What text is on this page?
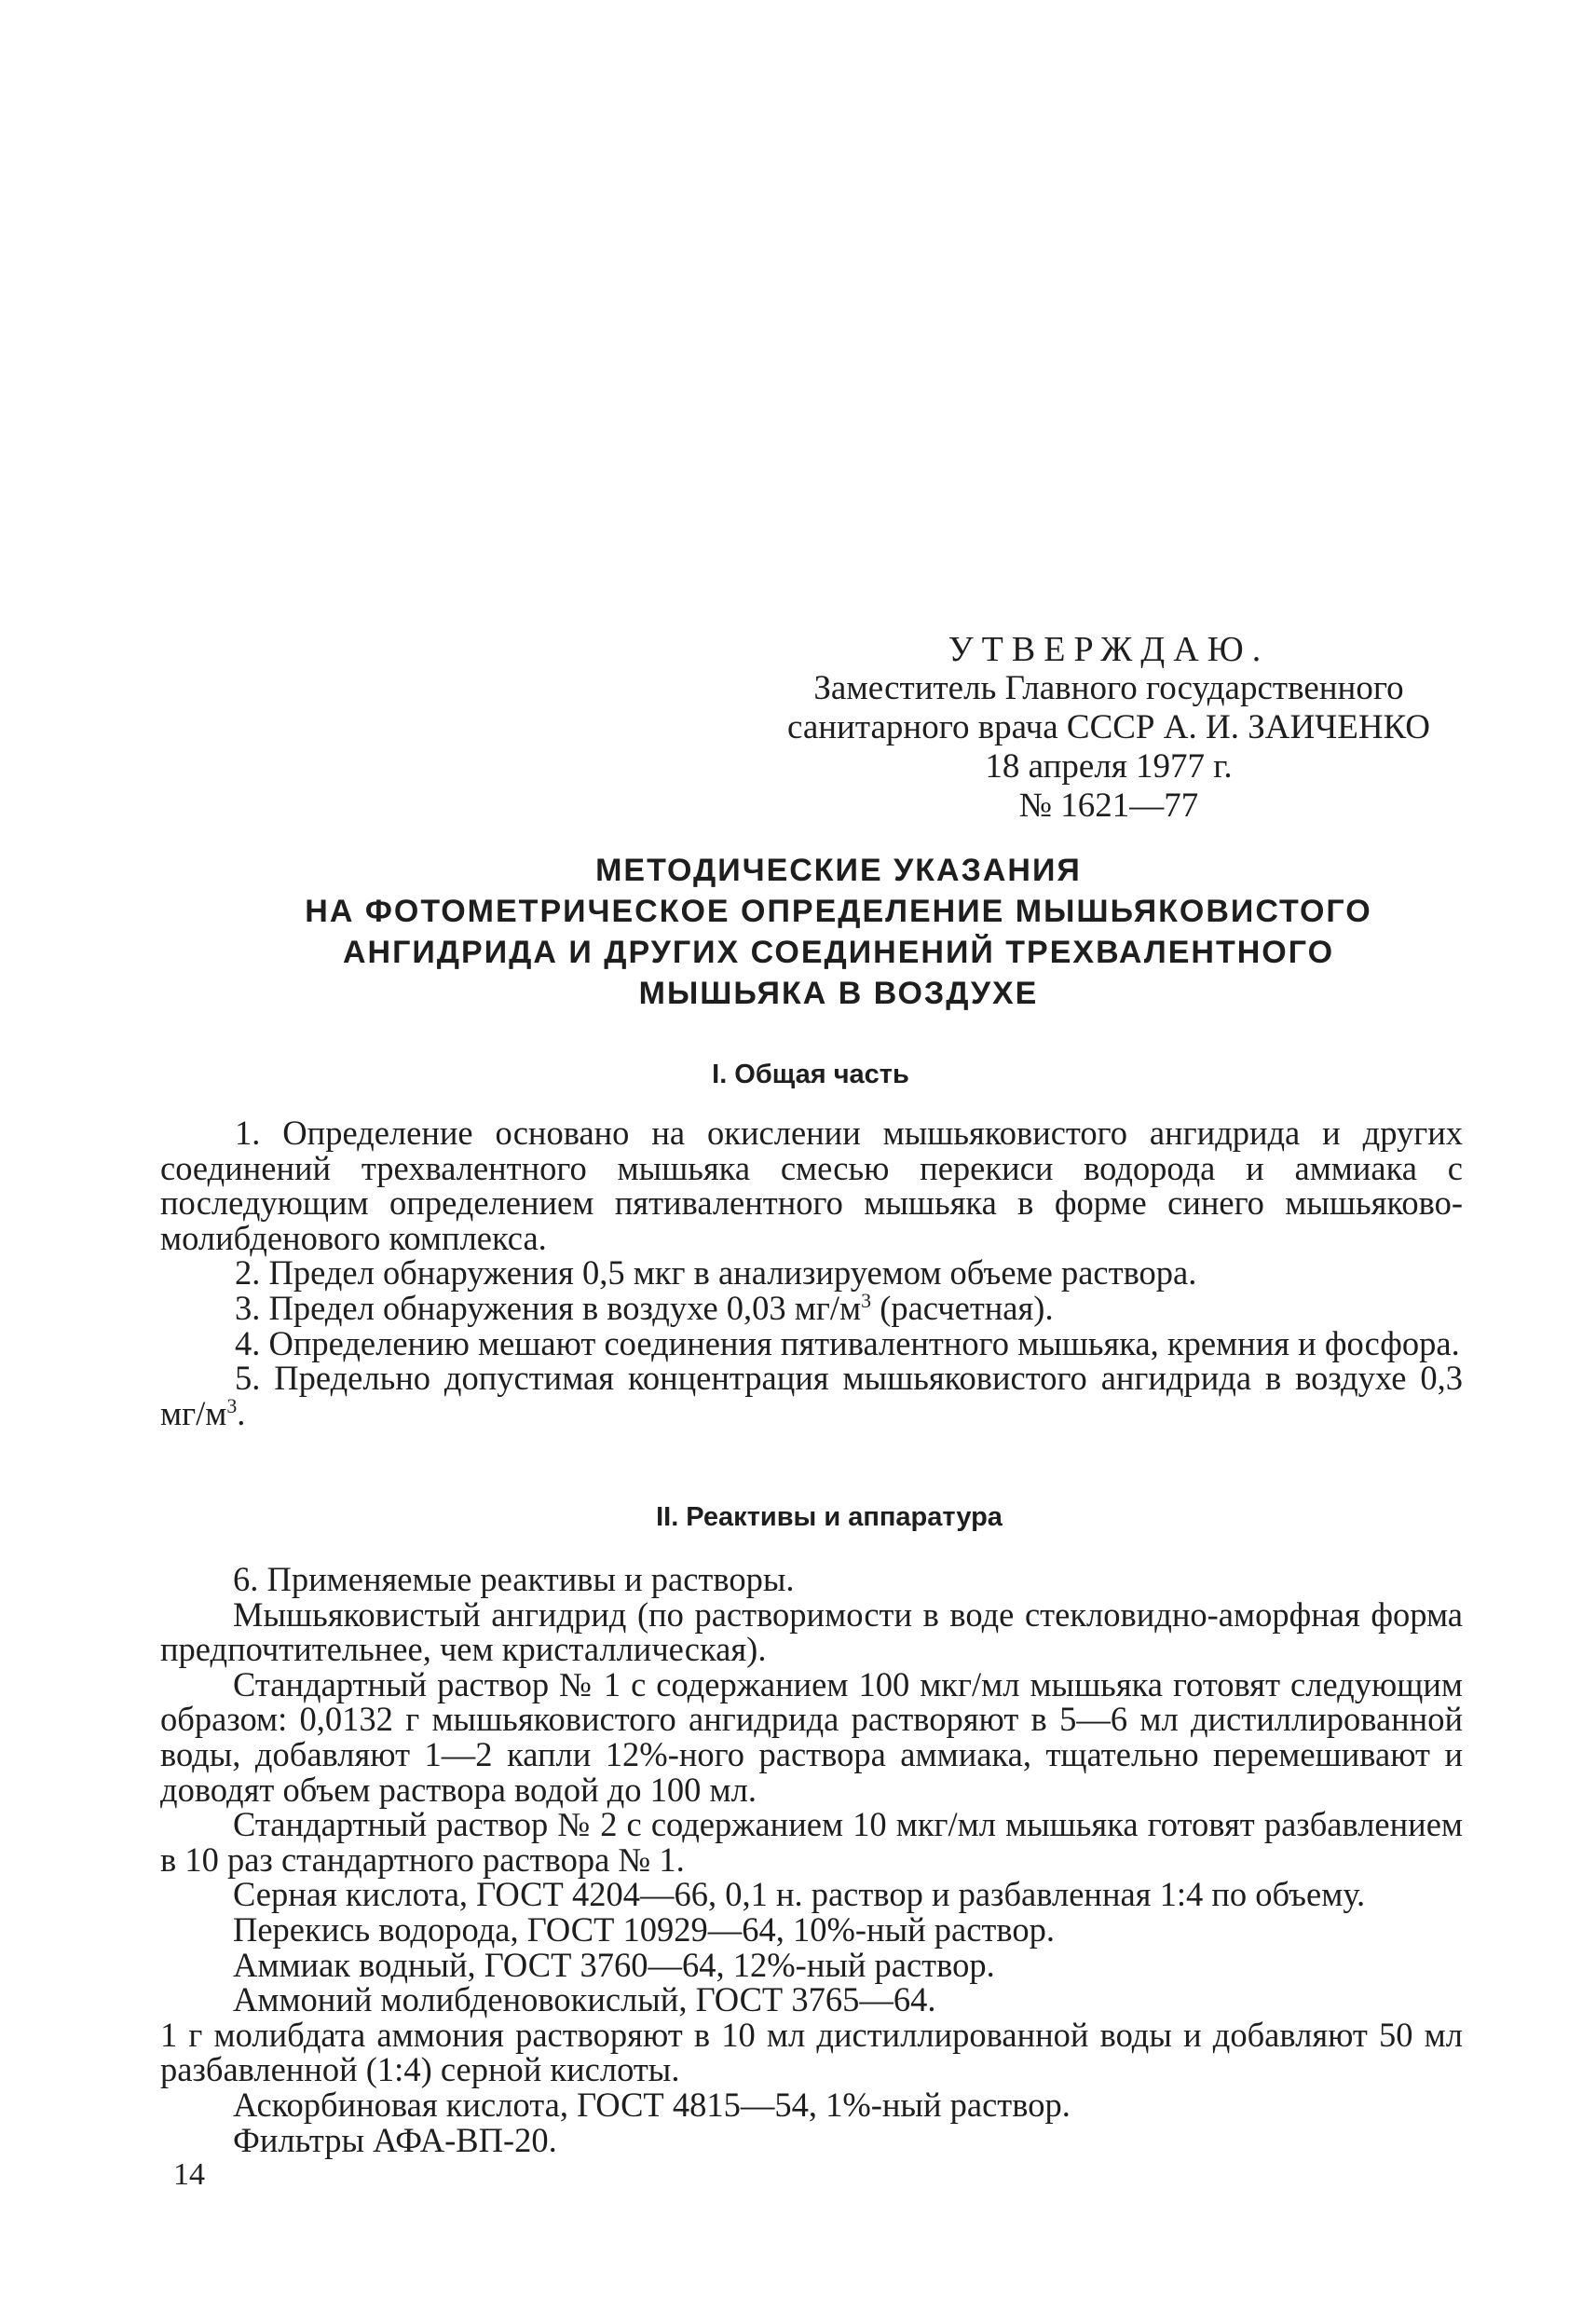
УТВЕРЖДАЮ.
Заместитель Главного государственного
санитарного врача СССР А. И. ЗАИЧЕНКО
18 апреля 1977 г.
№ 1621—77
МЕТОДИЧЕСКИЕ УКАЗАНИЯ
НА ФОТОМЕТРИЧЕСКОЕ ОПРЕДЕЛЕНИЕ МЫШЬЯКОВИСТОГО
АНГИДРИДА И ДРУГИХ СОЕДИНЕНИЙ ТРЕХВАЛЕНТНОГО
МЫШЬЯКА В ВОЗДУХЕ
I. Общая часть

1. Определение основано на окислении мышьяковистого ангидрида и других соединений трехвалентного мышьяка смесью перекиси водорода и аммиака с последующим определением пятивалентного мышьяка в форме синего мышьяково-молибденового комплекса.

2. Предел обнаружения 0,5 мкг в анализируемом объеме раствора.

3. Предел обнаружения в воздухе 0,03 $мг/м^3$ (расчетная).

4. Определению мешают соединения пятивалентного мышьяка, кремния и фосфора.

5. Предельно допустимая концентрация мышьяковистого ангидрида в воздухе 0,3 $мг/м^3$.

II. Реактивы и аппаратура

6. Применяемые реактивы и растворы.

Мышьяковистый ангидрид (по растворимости в воде стекловидно-аморфная форма предпочтительнее, чем кристаллическая).

Стандартный раствор № 1 с содержанием 100 мкг/мл мышьяка готовят следующим образом: 0,0132 г мышьяковистого ангидрида растворяют в 5—6 мл дистиллированной воды, добавляют 1—2 капли 12%-ного раствора аммиака, тщательно перемешивают и доводят объем раствора водой до 100 мл.

Стандартный раствор № 2 с содержанием 10 мкг/мл мышьяка готовят разбавлением в 10 раз стандартного раствора № 1.

Серная кислота, ГОСТ 4204—66, 0,1 н. раствор и разбавленная 1:4 по объему.

Перекись водорода, ГОСТ 10929—64, 10%-ный раствор.

Аммиак водный, ГОСТ 3760—64, 12%-ный раствор.

Аммоний молибденовокислый, ГОСТ 3765—64.

1 г молибдата аммония растворяют в 10 мл дистиллированной воды и добавляют 50 мл разбавленной (1:4) серной кислоты.

Аскорбиновая кислота, ГОСТ 4815—54, 1%-ный раствор.

Фильтры АФА-ВП-20.

14
